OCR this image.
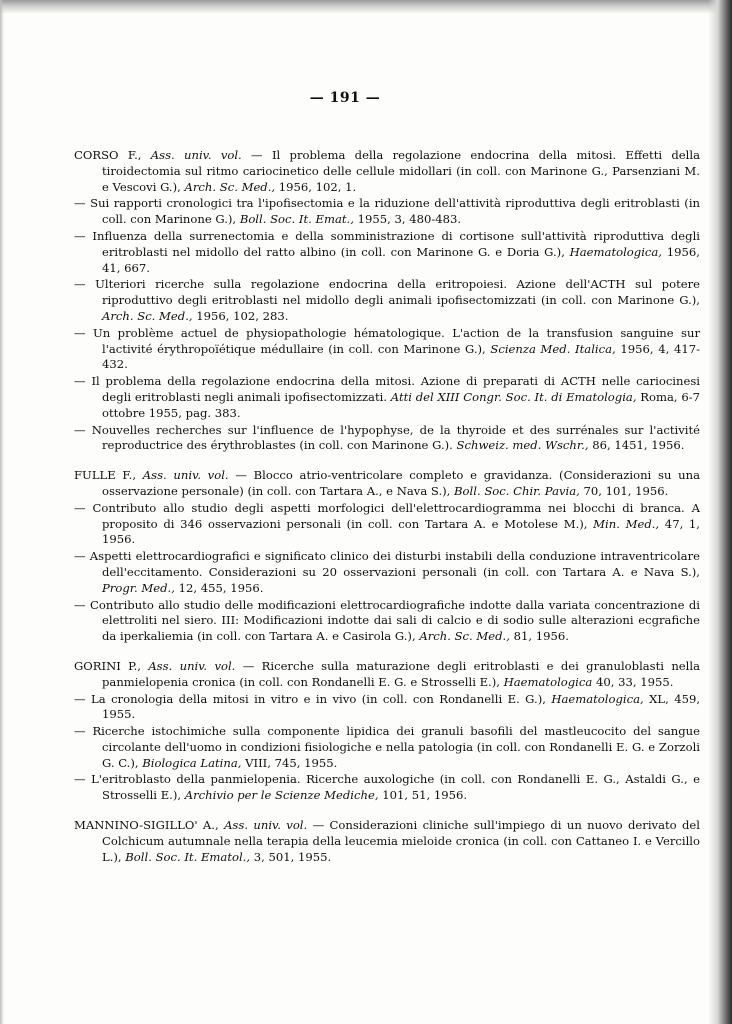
— 191 —

CORSO F., Ass. univ. vol. — Il problema della regolazione endocrina della mitosi. Effetti della tiroidectomia sul ritmo cariocinetico delle cellule midollari (in coll. con Marinone G., Parsenziani M. e Vescovi G.), Arch. Sc. Med., 1956, 102, 1.

— Sui rapporti cronologici tra l'ipofisectomia e la riduzione dell'attività riproduttiva degli eritroblasti (in coll. con Marinone G.), Boll. Soc. It. Emat., 1955, 3, 480-483.

— Influenza della surrenectomia e della somministrazione di cortisone sull'attività riproduttiva degli eritroblasti nel midollo del ratto albino (in coll. con Marinone G. e Doria G.), Haematologica, 1956, 41, 667.

— Ulteriori ricerche sulla regolazione endocrina della eritropoiesi. Azione dell'ACTH sul potere riproduttivo degli eritroblasti nel midollo degli animali ipofisectomizzati (in coll. con Marinone G.), Arch. Sc. Med., 1956, 102, 283.

— Un problème actuel de physiopathologie hématologique. L'action de la transfusion sanguine sur l'activité érythropoïétique médullaire (in coll. con Marinone G.), Scienza Med. Italica, 1956, 4, 417-432.

— Il problema della regolazione endocrina della mitosi. Azione di preparati di ACTH nelle cariocinesi degli eritroblasti negli animali ipofisectomizzati. Atti del XIII Congr. Soc. It. di Ematologia, Roma, 6-7 ottobre 1955, pag. 383.

— Nouvelles recherches sur l'influence de l'hypophyse, de la thyroide et des surrénales sur l'activité reproductrice des érythroblastes (in coll. con Marinone G.). Schweiz. med. Wschr., 86, 1451, 1956.

FULLE F., Ass. univ. vol. — Blocco atrio-ventricolare completo e gravidanza. (Considerazioni su una osservazione personale) (in coll. con Tartara A., e Nava S.), Boll. Soc. Chir. Pavia, 70, 101, 1956.

— Contributo allo studio degli aspetti morfologici dell'elettrocardiogramma nei blocchi di branca. A proposito di 346 osservazioni personali (in coll. con Tartara A. e Motolese M.), Min. Med., 47, 1, 1956.

— Aspetti elettrocardiografici e significato clinico dei disturbi instabili della conduzione intraventricolare dell'eccitamento. Considerazioni su 20 osservazioni personali (in coll. con Tartara A. e Nava S.), Progr. Med., 12, 455, 1956.

— Contributo allo studio delle modificazioni elettrocardiografiche indotte dalla variata concentrazione di elettroliti nel siero. III: Modificazioni indotte dai sali di calcio e di sodio sulle alterazioni ecgrafiche da iperkaliemia (in coll. con Tartara A. e Casirola G.), Arch. Sc. Med., 81, 1956.

GORINI P., Ass. univ. vol. — Ricerche sulla maturazione degli eritroblasti e dei granuloblasti nella panmielopenia cronica (in coll. con Rondanelli E. G. e Strosselli E.), Haematologica 40, 33, 1955.

— La cronologia della mitosi in vitro e in vivo (in coll. con Rondanelli E. G.), Haematologica, XL, 459, 1955.

— Ricerche istochimiche sulla componente lipidica dei granuli basofili del mastleucocito del sangue circolante dell'uomo in condizioni fisiologiche e nella patologia (in coll. con Rondanelli E. G. e Zorzoli G. C.), Biologica Latina, VIII, 745, 1955.

— L'eritroblasto della panmielopenia. Ricerche auxologiche (in coll. con Rondanelli E. G., Astaldi G., e Strosselli E.), Archivio per le Scienze Mediche, 101, 51, 1956.

MANNINO-SIGILLO' A., Ass. univ. vol. — Considerazioni cliniche sull'impiego di un nuovo derivato del Colchicum autumnale nella terapia della leucemia mieloide cronica (in coll. con Cattaneo I. e Vercillo L.), Boll. Soc. It. Ematol., 3, 501, 1955.
